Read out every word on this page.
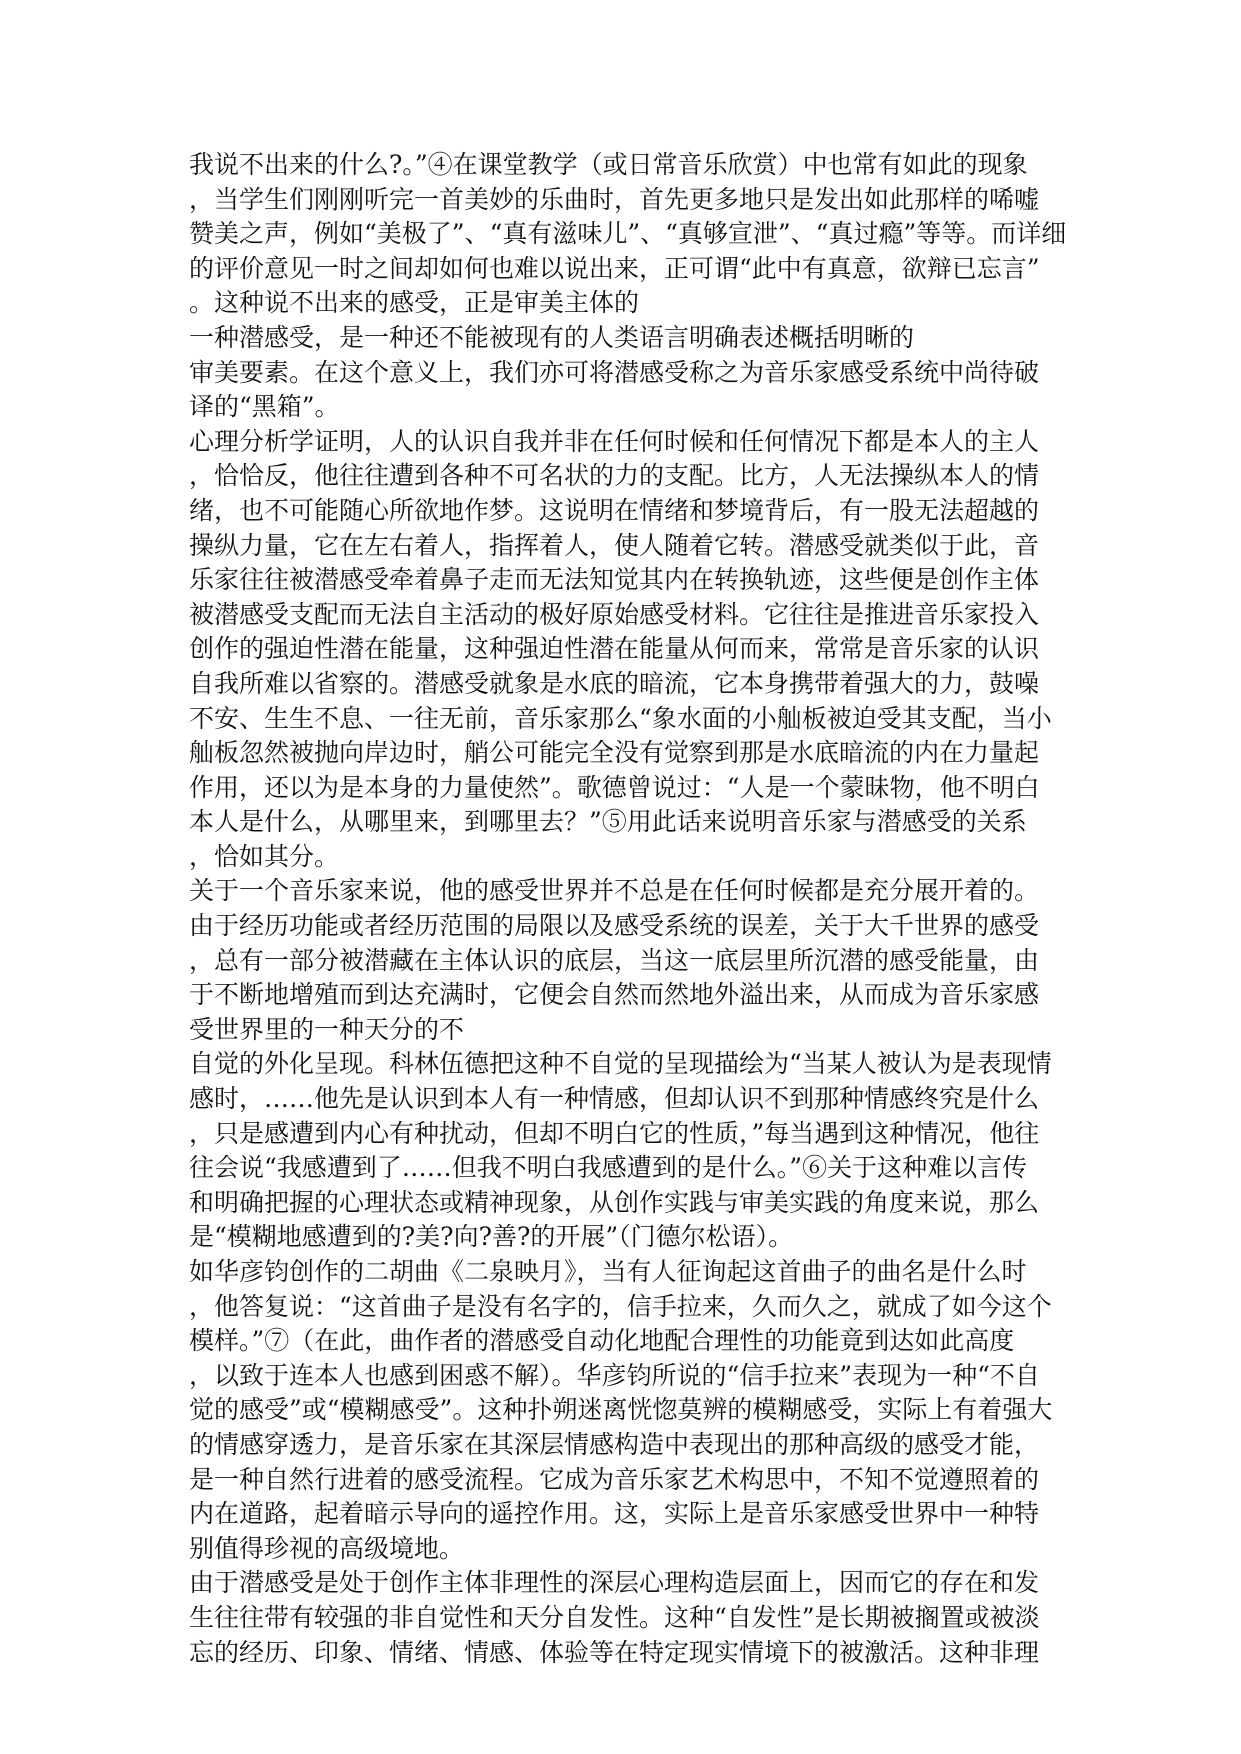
我说不出来的什么?。”④在课堂教学（或日常音乐欣赏）中也常有如此的现象
，当学生们刚刚听完一首美妙的乐曲时，首先更多地只是发出如此那样的唏嘘
赞美之声，例如“美极了”、“真有滋味儿”、“真够宣泄”、“真过瘾”等等。而详细
的评价意见一时之间却如何也难以说出来，正可谓“此中有真意，欲辩已忘言”
。这种说不出来的感受，正是审美主体的
一种潜感受，是一种还不能被现有的人类语言明确表述概括明晰的
审美要素。在这个意义上，我们亦可将潜感受称之为音乐家感受系统中尚待破
译的“黑箱”。
心理分析学证明，人的认识自我并非在任何时候和任何情况下都是本人的主人
，恰恰反，他往往遭到各种不可名状的力的支配。比方，人无法操纵本人的情
绪，也不可能随心所欲地作梦。这说明在情绪和梦境背后，有一股无法超越的
操纵力量，它在左右着人，指挥着人，使人随着它转。潜感受就类似于此，音
乐家往往被潜感受牵着鼻子走而无法知觉其内在转换轨迹，这些便是创作主体
被潜感受支配而无法自主活动的极好原始感受材料。它往往是推进音乐家投入
创作的强迫性潜在能量，这种强迫性潜在能量从何而来，常常是音乐家的认识
自我所难以省察的。潜感受就象是水底的暗流，它本身携带着强大的力，鼓噪
不安、生生不息、一往无前，音乐家那么“象水面的小舢板被迫受其支配，当小
舢板忽然被抛向岸边时，艄公可能完全没有觉察到那是水底暗流的内在力量起
作用，还以为是本身的力量使然”。歌德曾说过：“人是一个蒙昧物，他不明白
本人是什么，从哪里来，到哪里去？”⑤用此话来说明音乐家与潜感受的关系
，恰如其分。
关于一个音乐家来说，他的感受世界并不总是在任何时候都是充分展开着的。
由于经历功能或者经历范围的局限以及感受系统的误差，关于大千世界的感受
，总有一部分被潜藏在主体认识的底层，当这一底层里所沉潜的感受能量，由
于不断地增殖而到达充满时，它便会自然而然地外溢出来，从而成为音乐家感
受世界里的一种天分的不
自觉的外化呈现。科林伍德把这种不自觉的呈现描绘为“当某人被认为是表现情
感时，……他先是认识到本人有一种情感，但却认识不到那种情感终究是什么
，只是感遭到内心有种扰动，但却不明白它的性质，”每当遇到这种情况，他往
往会说“我感遭到了……但我不明白我感遭到的是什么。”⑥关于这种难以言传
和明确把握的心理状态或精神现象，从创作实践与审美实践的角度来说，那么
是“模糊地感遭到的?美?向?善?的开展”（门德尔松语）。
如华彦钧创作的二胡曲《二泉映月》，当有人征询起这首曲子的曲名是什么时
，他答复说：“这首曲子是没有名字的，信手拉来，久而久之，就成了如今这个
模样。”⑦（在此，曲作者的潜感受自动化地配合理性的功能竟到达如此高度
，以致于连本人也感到困惑不解）。华彦钧所说的“信手拉来”表现为一种“不自
觉的感受”或“模糊感受”。这种扑朔迷离恍惚莫辨的模糊感受，实际上有着强大
的情感穿透力，是音乐家在其深层情感构造中表现出的那种高级的感受才能，
是一种自然行进着的感受流程。它成为音乐家艺术构思中，不知不觉遵照着的
内在道路，起着暗示导向的遥控作用。这，实际上是音乐家感受世界中一种特
别值得珍视的高级境地。
由于潜感受是处于创作主体非理性的深层心理构造层面上，因而它的存在和发
生往往带有较强的非自觉性和天分自发性。这种“自发性”是长期被搁置或被淡
忘的经历、印象、情绪、情感、体验等在特定现实情境下的被激活。这种非理
